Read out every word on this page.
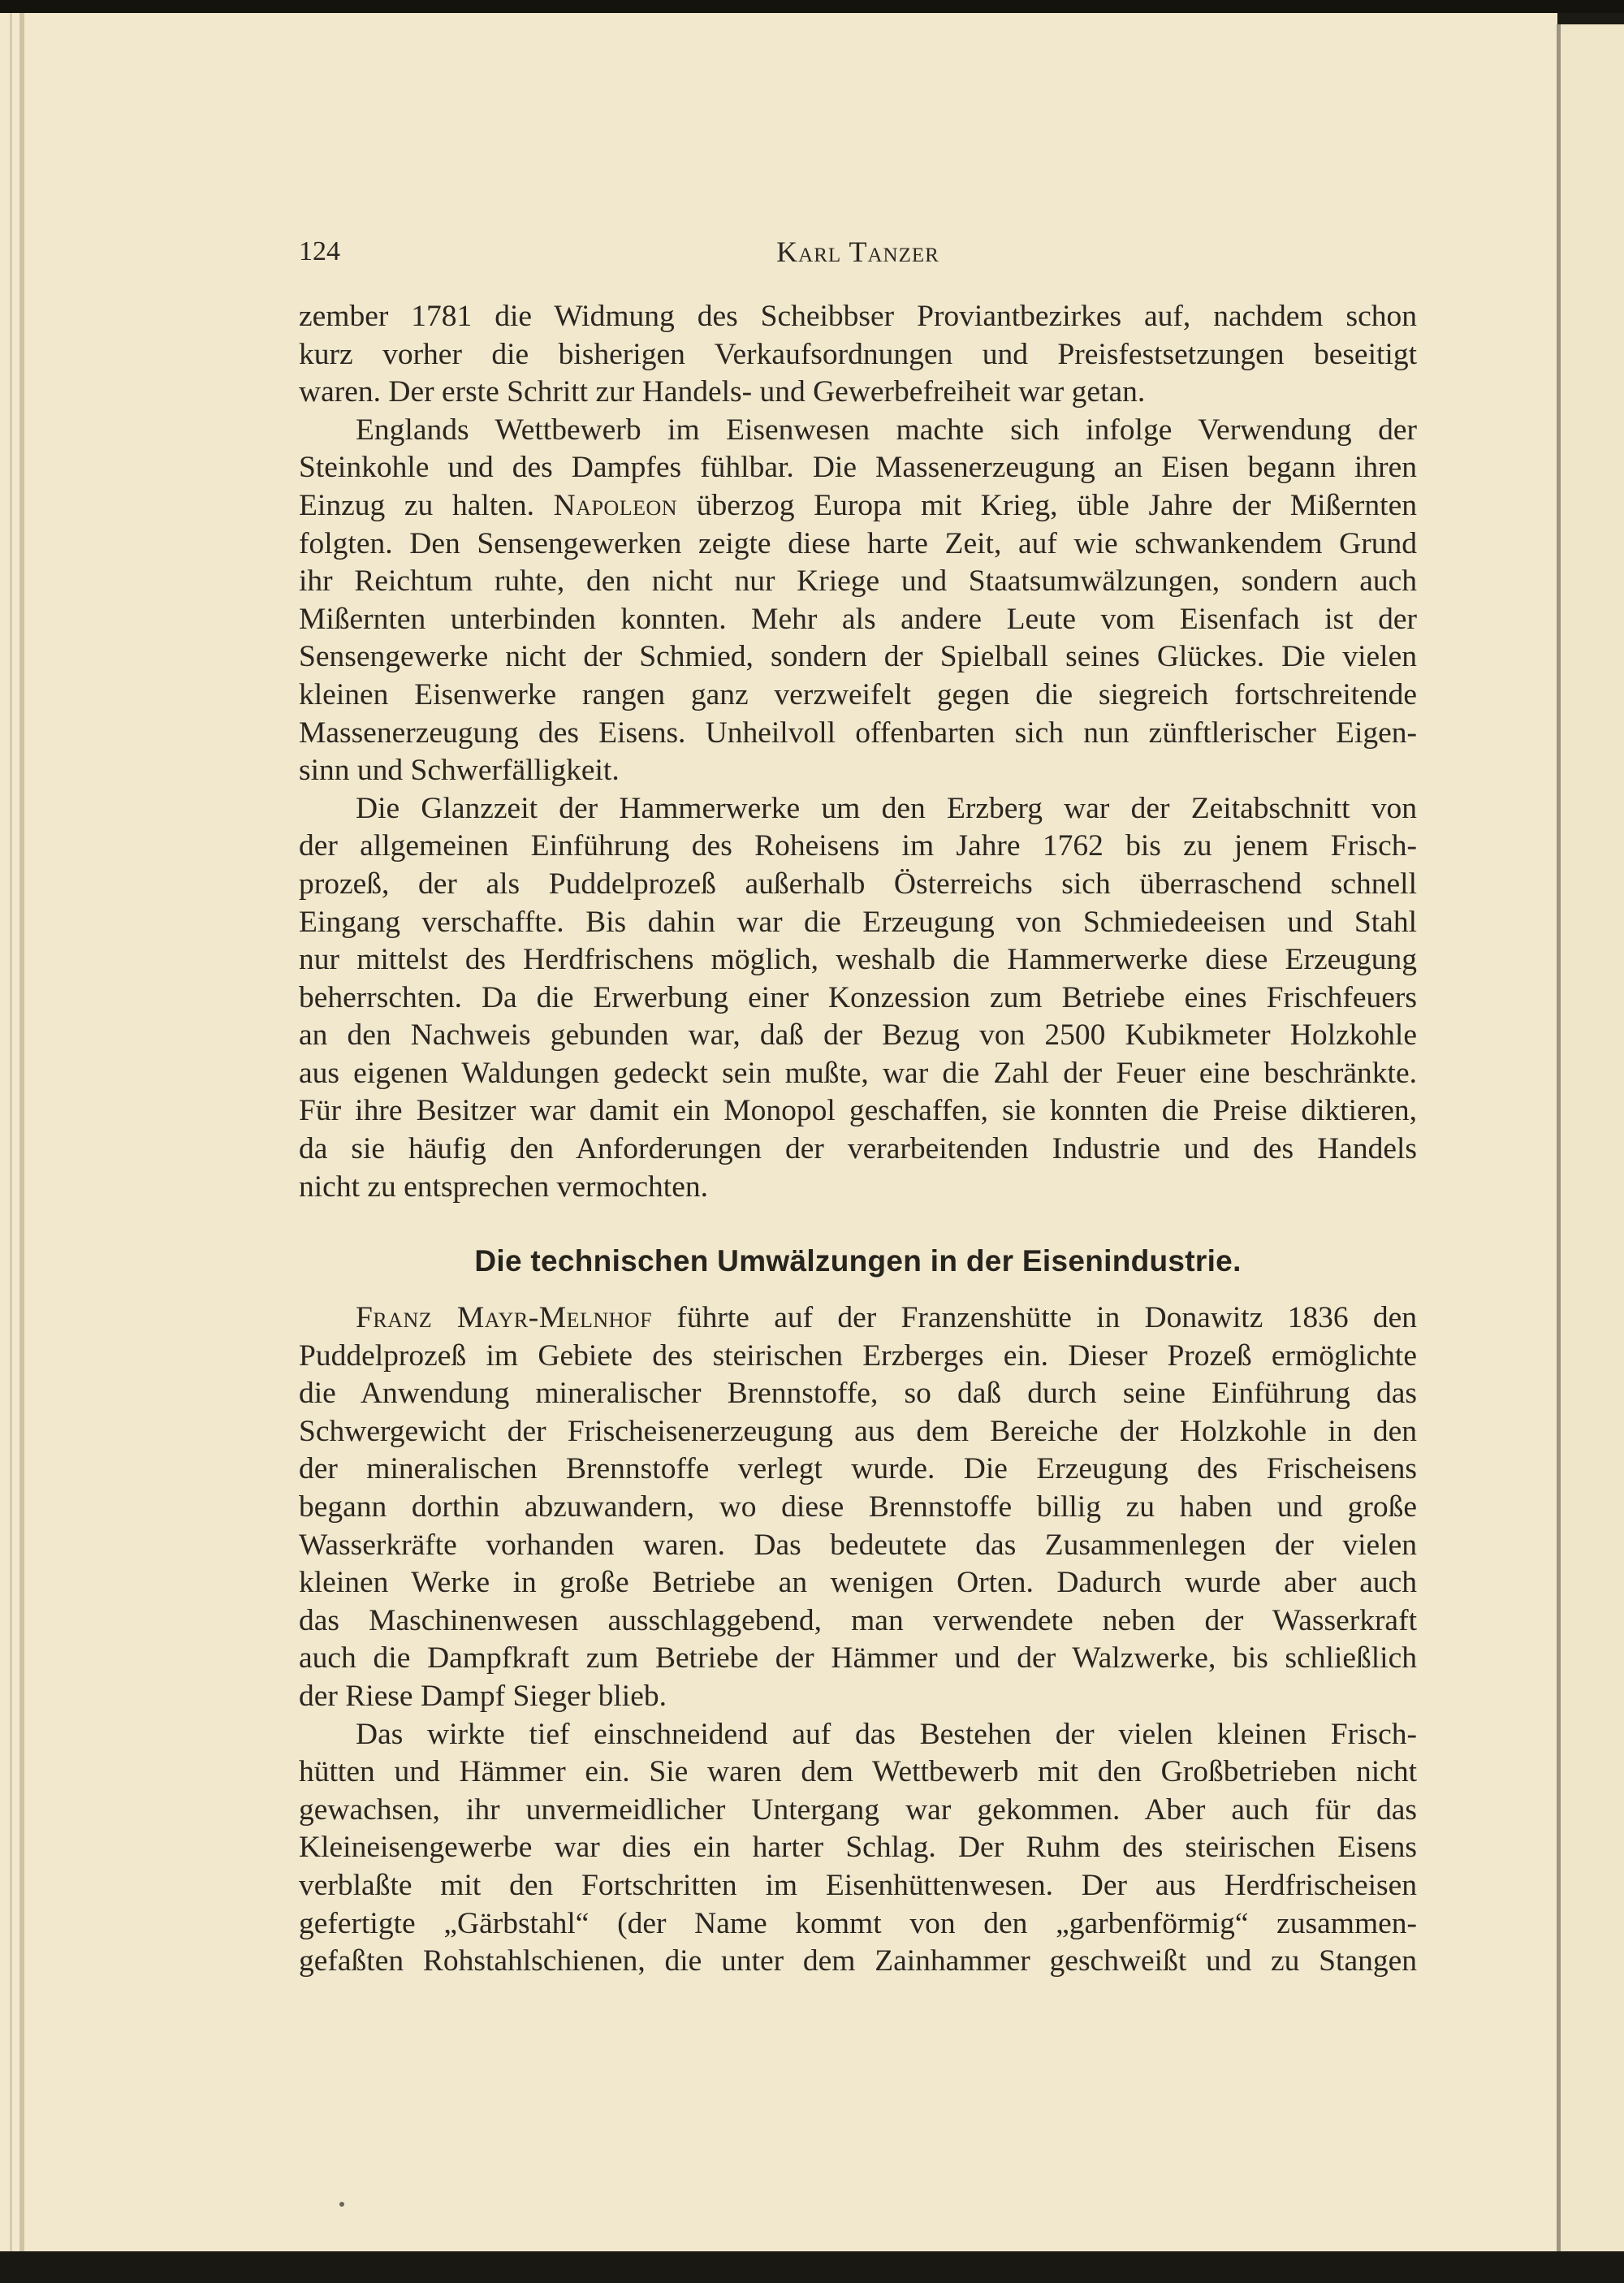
124	Karl Tanzer
zember 1781 die Widmung des Scheibbser Proviantbezirkes auf, nachdem schon
kurz vorher die bisherigen Verkaufsordnungen und Preisfestsetzungen beseitigt
waren. Der erste Schritt zur Handels- und Gewerbefreiheit war getan.
Englands Wettbewerb im Eisenwesen machte sich infolge Verwendung der
Steinkohle und des Dampfes fühlbar. Die Massenerzeugung an Eisen begann ihren
Einzug zu halten. Napoleon überzog Europa mit Krieg, üble Jahre der Mißernten
folgten. Den Sensengewerken zeigte diese harte Zeit, auf wie schwankendem Grund
ihr Reichtum ruhte, den nicht nur Kriege und Staatsumwälzungen, sondern auch
Mißernten unterbinden konnten. Mehr als andere Leute vom Eisenfach ist der
Sensengewerke nicht der Schmied, sondern der Spielball seines Glückes. Die vielen
kleinen Eisenwerke rangen ganz verzweifelt gegen die siegreich fortschreitende
Massenerzeugung des Eisens. Unheilvoll offenbarten sich nun zünftlerischer Eigen-
sinn und Schwerfälligkeit.
Die Glanzzeit der Hammerwerke um den Erzberg war der Zeitabschnitt von
der allgemeinen Einführung des Roheisens im Jahre 1762 bis zu jenem Frisch-
prozeß, der als Puddelprozeß außerhalb Österreichs sich überraschend schnell
Eingang verschaffte. Bis dahin war die Erzeugung von Schmiedeeisen und Stahl
nur mittelst des Herdfrischens möglich, weshalb die Hammerwerke diese Erzeugung
beherrschten. Da die Erwerbung einer Konzession zum Betriebe eines Frischfeuers
an den Nachweis gebunden war, daß der Bezug von 2500 Kubikmeter Holzkohle
aus eigenen Waldungen gedeckt sein mußte, war die Zahl der Feuer eine beschränkte.
Für ihre Besitzer war damit ein Monopol geschaffen, sie konnten die Preise diktieren,
da sie häufig den Anforderungen der verarbeitenden Industrie und des Handels
nicht zu entsprechen vermochten.
Die technischen Umwälzungen in der Eisenindustrie.
Franz Mayr-Melnhof führte auf der Franzenshütte in Donawitz 1836 den
Puddelprozeß im Gebiete des steirischen Erzberges ein. Dieser Prozeß ermöglichte
die Anwendung mineralischer Brennstoffe, so daß durch seine Einführung das
Schwergewicht der Frischeisenerzeugung aus dem Bereiche der Holzkohle in den
der mineralischen Brennstoffe verlegt wurde. Die Erzeugung des Frischeisens
begann dorthin abzuwandern, wo diese Brennstoffe billig zu haben und große
Wasserkräfte vorhanden waren. Das bedeutete das Zusammenlegen der vielen
kleinen Werke in große Betriebe an wenigen Orten. Dadurch wurde aber auch
das Maschinenwesen ausschlaggebend, man verwendete neben der Wasserkraft
auch die Dampfkraft zum Betriebe der Hämmer und der Walzwerke, bis schließlich
der Riese Dampf Sieger blieb.
Das wirkte tief einschneidend auf das Bestehen der vielen kleinen Frisch-
hütten und Hämmer ein. Sie waren dem Wettbewerb mit den Großbetrieben nicht
gewachsen, ihr unvermeidlicher Untergang war gekommen. Aber auch für das
Kleineisengewerbe war dies ein harter Schlag. Der Ruhm des steirischen Eisens
verblaßte mit den Fortschritten im Eisenhüttenwesen. Der aus Herdfrischeisen
gefertigte „Gärbstahl“ (der Name kommt von den „garbenförmig“ zusammen-
gefaßten Rohstahlschienen, die unter dem Zainhammer geschweißt und zu Stangen
